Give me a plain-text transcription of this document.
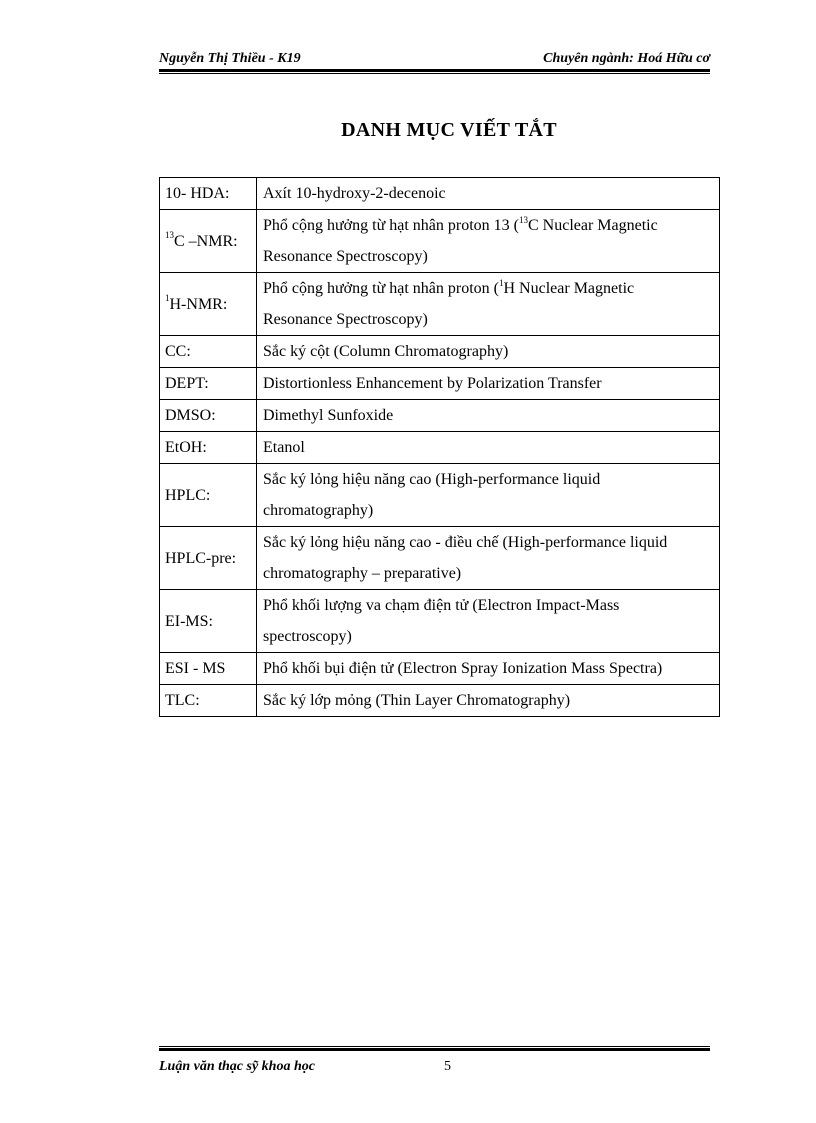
Nguyễn Thị Thiều - K19	Chuyên ngành: Hoá Hữu cơ
DANH MỤC VIẾT TẮT
10- HDA:	Axít 10-hydroxy-2-decenoic
$^{13}$C –NMR:	Phổ cộng hưởng từ hạt nhân proton 13 ($^{13}$C Nuclear Magnetic
Resonance Spectroscopy)
$^1$H-NMR:	Phổ cộng hưởng từ hạt nhân proton ($^1$H Nuclear Magnetic
Resonance Spectroscopy)
CC:	Sắc ký cột (Column Chromatography)
DEPT:	Distortionless Enhancement by Polarization Transfer
DMSO:	Dimethyl Sunfoxide
EtOH:	Etanol
HPLC:	Sắc ký lỏng hiệu năng cao (High-performance liquid
chromatography)
HPLC-pre:	Sắc ký lỏng hiệu năng cao - điều chế (High-performance liquid
chromatography – preparative)
EI-MS:	Phổ khối lượng va chạm điện tử (Electron Impact-Mass
spectroscopy)
ESI - MS	Phổ khối bụi điện tử (Electron Spray Ionization Mass Spectra)
TLC:	Sắc ký lớp mỏng (Thin Layer Chromatography)
Luận văn thạc sỹ khoa học	5
